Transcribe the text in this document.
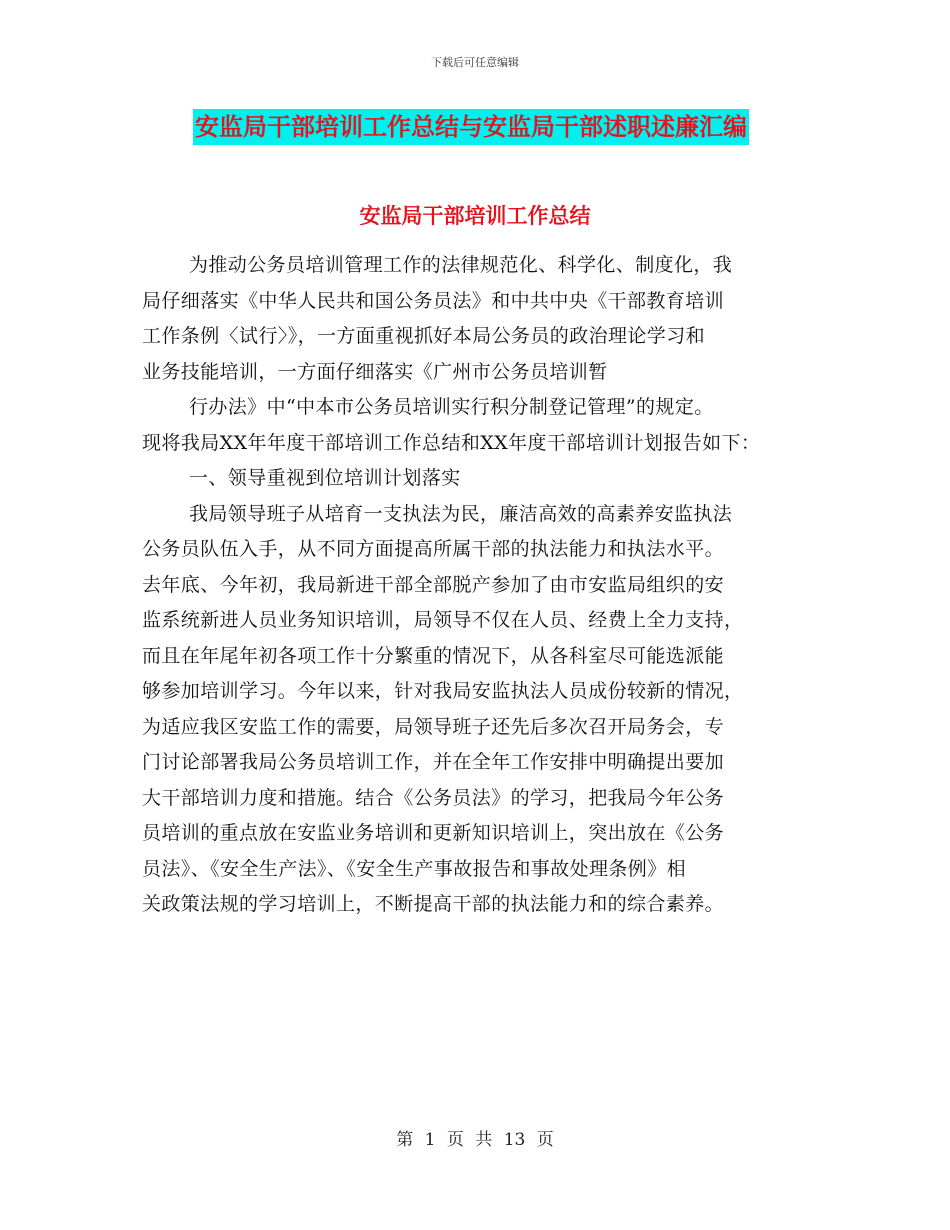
下载后可任意编辑
安监局干部培训工作总结与安监局干部述职述廉汇编
安监局干部培训工作总结
为推动公务员培训管理工作的法律规范化、科学化、制度化，我
局仔细落实《中华人民共和国公务员法》和中共中央《干部教育培训
工作条例〈试行〉》，一方面重视抓好本局公务员的政治理论学习和
业务技能培训，一方面仔细落实《广州市公务员培训暂
行办法》中“中本市公务员培训实行积分制登记管理”的规定。
现将我局XX年年度干部培训工作总结和XX年度干部培训计划报告如下：
一、领导重视到位培训计划落实
我局领导班子从培育一支执法为民，廉洁高效的高素养安监执法
公务员队伍入手，从不同方面提高所属干部的执法能力和执法水平。
去年底、今年初，我局新进干部全部脱产参加了由市安监局组织的安
监系统新进人员业务知识培训，局领导不仅在人员、经费上全力支持，
而且在年尾年初各项工作十分繁重的情况下，从各科室尽可能选派能
够参加培训学习。今年以来，针对我局安监执法人员成份较新的情况，
为适应我区安监工作的需要，局领导班子还先后多次召开局务会，专
门讨论部署我局公务员培训工作，并在全年工作安排中明确提出要加
大干部培训力度和措施。结合《公务员法》的学习，把我局今年公务
员培训的重点放在安监业务培训和更新知识培训上，突出放在《公务
员法》、《安全生产法》、《安全生产事故报告和事故处理条例》相
关政策法规的学习培训上，不断提高干部的执法能力和的综合素养。
第 1 页 共 13 页
